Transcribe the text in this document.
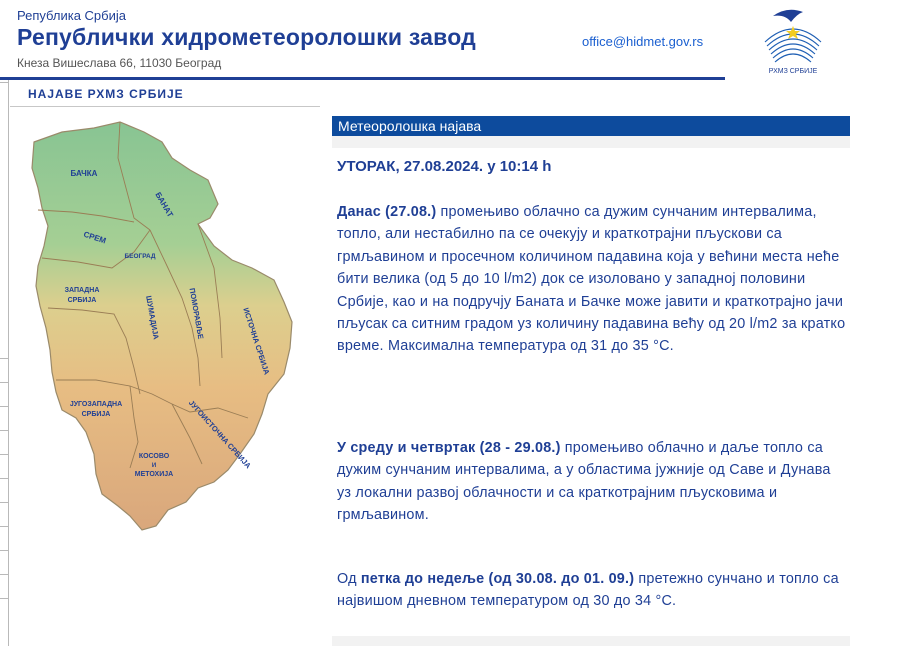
Република Србија
Републички хидрометеоролошки завод
Кнеза Вишеслава 66, 11030 Београд
office@hidmet.gov.rs
РХМЗ СРБИЈЕ
НАЈАВЕ РХМЗ СРБИЈЕ
БАЧКА
БАНАТ
СРЕМ
БЕОГРАД
ЗАПАДНА СРБИЈА	ШУМАДИЈА	ПОМОРАВЉЕ	ИСТОЧНА СРБИЈА
ЈУГОЗАПАДНА СРБИЈА	ЈУГОИСТОЧНА СРБИЈА
КОСОВО И МЕТОХИЈА
Метеоролошка најава
УТОРАК, 27.08.2024. у 10:14 h
Данас (27.08.) промењиво облачно са дужим сунчаним интервалима, топло, али нестабилно па се очекују и краткотрајни пљускови са грмљавином и просечном количином падавина која у већини места неће бити велика (од 5 до 10 l/m2) док се изоловано у западној половини Србије, као и на подручју Баната и Бачке може јавити и краткотрајно јачи пљусак са ситним градом уз количину падавина већу од 20 l/m2 за кратко време. Максимална температура од 31 до 35 °C.
У среду и четвртак (28 - 29.08.) промењиво облачно и даље топло са дужим сунчаним интервалима, а у областима јужније од Саве и Дунава уз локални развој облачности и са краткотрајним пљусковима и грмљавином.
Од петка до недеље (од 30.08. до 01. 09.) претежно сунчано и топло са највишом дневном температуром од 30 до 34 °C.
